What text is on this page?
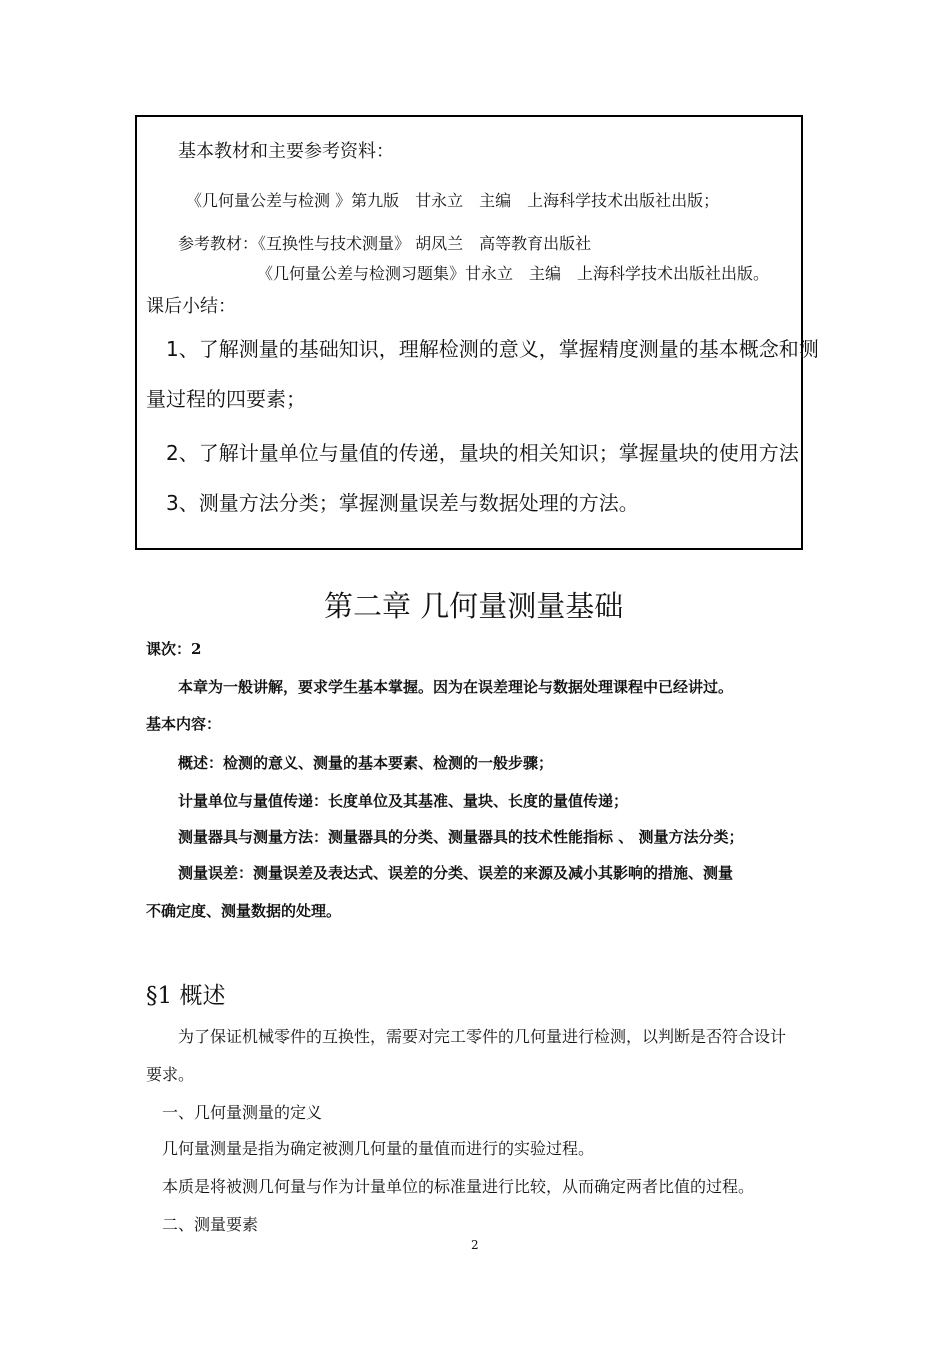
基本教材和主要参考资料：
《几何量公差与检测 》第九版　甘永立　主编　上海科学技术出版社出版；
参考教材：《互换性与技术测量》 胡凤兰　高等教育出版社
《几何量公差与检测习题集》甘永立　主编　上海科学技术出版社出版。
课后小结：
1、了解测量的基础知识，理解检测的意义，掌握精度测量的基本概念和测
量过程的四要素；
2、了解计量单位与量值的传递，量块的相关知识；掌握量块的使用方法
3、测量方法分类；掌握测量误差与数据处理的方法。
第二章 几何量测量基础
课次：2
本章为一般讲解，要求学生基本掌握。因为在误差理论与数据处理课程中已经讲过。
基本内容：
概述：检测的意义、测量的基本要素、检测的一般步骤；
计量单位与量值传递：长度单位及其基准、量块、长度的量值传递；
测量器具与测量方法：测量器具的分类、测量器具的技术性能指标 、 测量方法分类；
测量误差：测量误差及表达式、误差的分类、误差的来源及减小其影响的措施、测量
不确定度、测量数据的处理。
§1 概述
为了保证机械零件的互换性，需要对完工零件的几何量进行检测，以判断是否符合设计
要求。
一、几何量测量的定义
几何量测量是指为确定被测几何量的量值而进行的实验过程。
本质是将被测几何量与作为计量单位的标准量进行比较，从而确定两者比值的过程。
二、测量要素
2
